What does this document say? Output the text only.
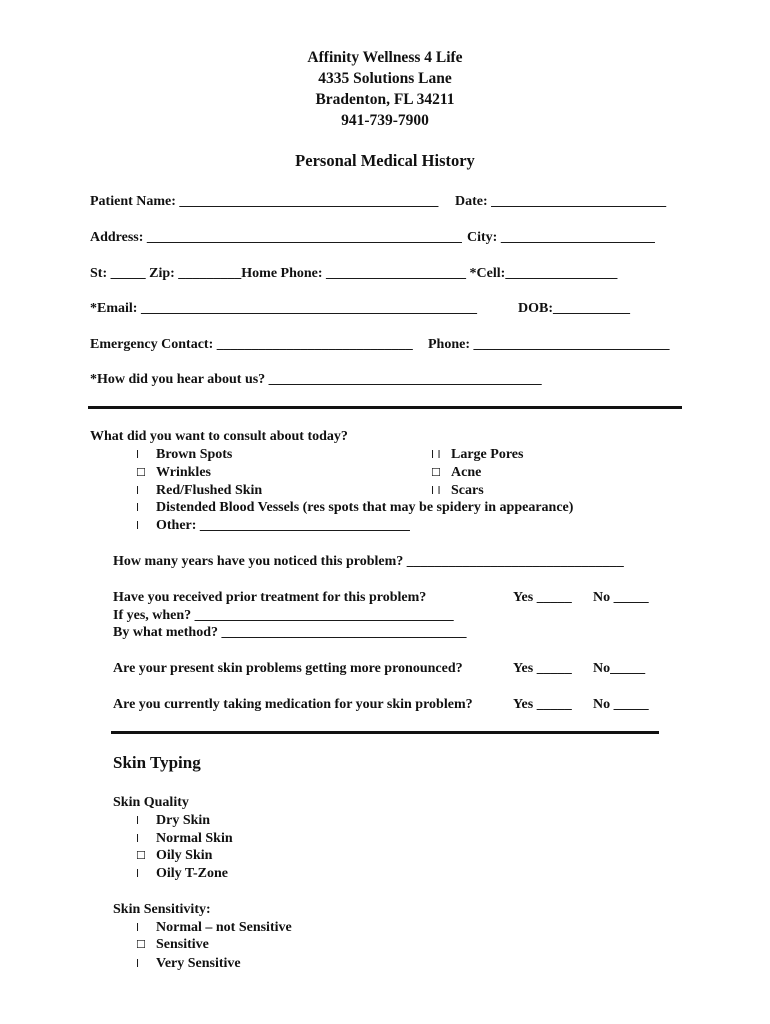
Affinity Wellness 4 Life
4335 Solutions Lane
Bradenton, FL 34211
941-739-7900
Personal Medical History
Patient Name: _____________________________________ Date: _________________________
Address: _____________________________________________ City: ______________________
St: _____ Zip: _________Home Phone: ____________________ *Cell:________________
*Email: ________________________________________________	DOB:___________
Emergency Contact: ____________________________ Phone: ____________________________
*How did you hear about us? _______________________________________
What did you want to consult about today?
l Brown Spots
☐ Wrinkles
l Red/Flushed Skin
l Distended Blood Vessels (res spots that may be spidery in appearance)
l Other: ______________________________
l l Large Pores
☐ Acne
l l Scars
How many years have you noticed this problem? _______________________________
Have you received prior treatment for this problem?	Yes _____ No _____
If yes, when? _____________________________________
By what method? ___________________________________
Are your present skin problems getting more pronounced?	Yes _____ No_____
Are you currently taking medication for your skin problem?	Yes _____ No _____
Skin Typing
Skin Quality
l Dry Skin
l Normal Skin
☐ Oily Skin
l Oily T-Zone
Skin Sensitivity:
l Normal – not Sensitive
☐ Sensitive
l Very Sensitive
